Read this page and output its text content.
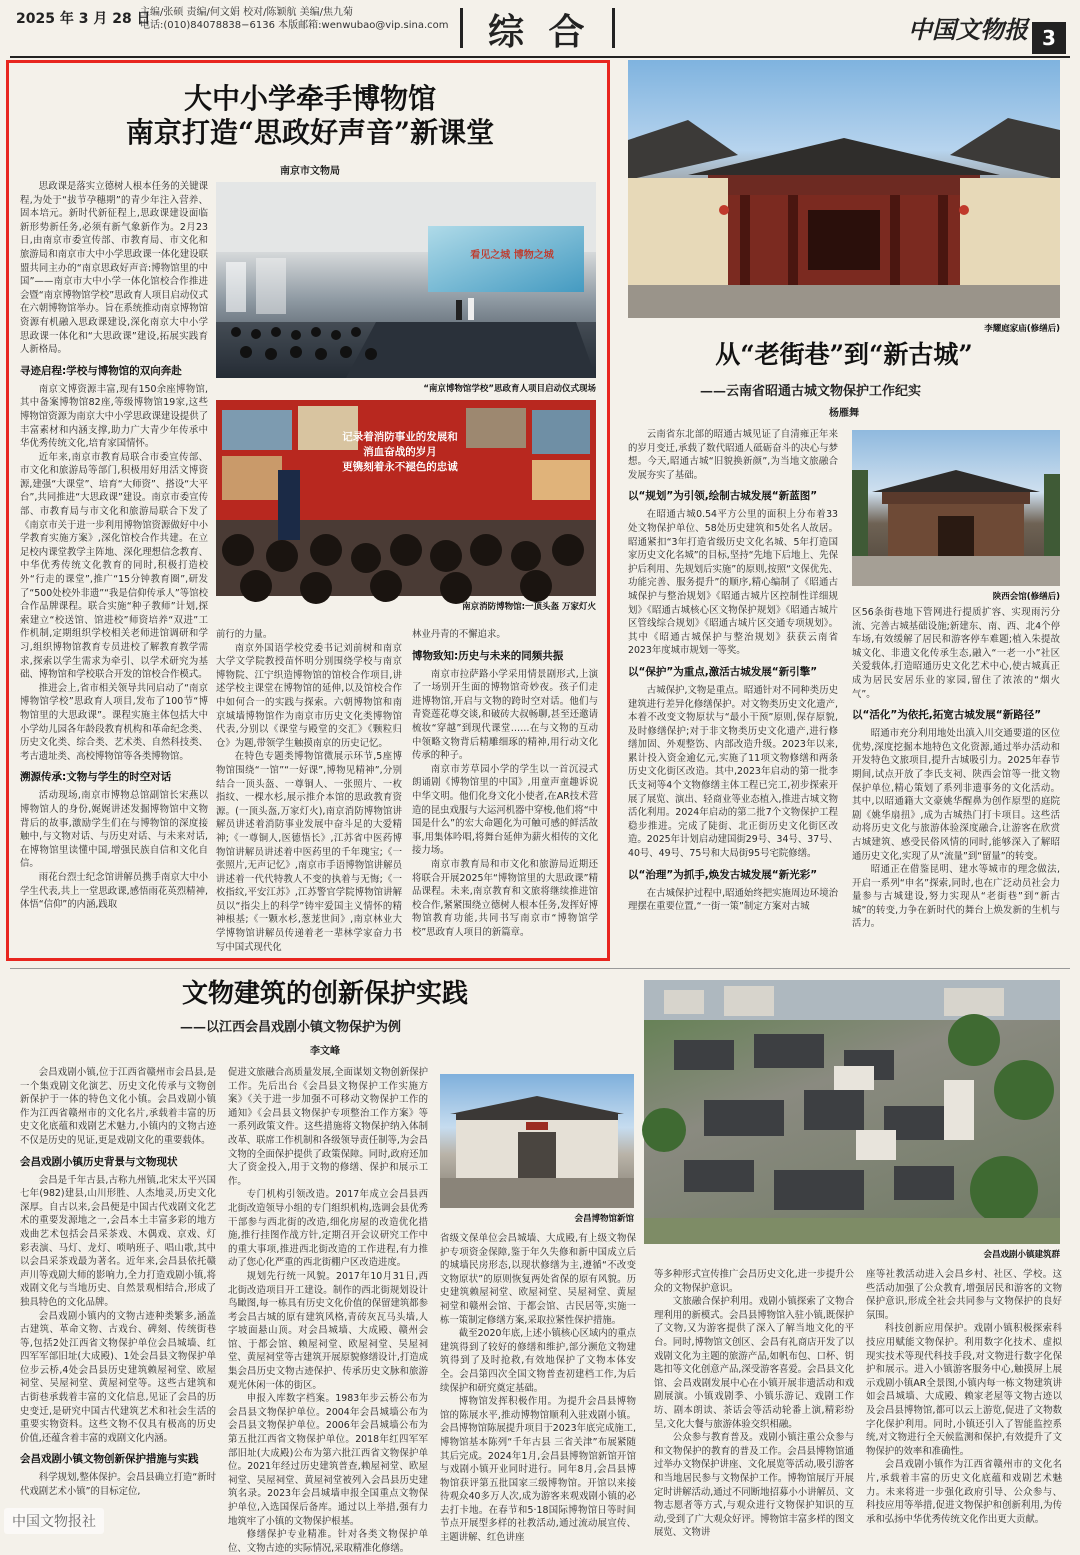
2025 年 3 月 28 日
主编/张硕 责编/何文娟 校对/陈颖航 美编/焦九菊
电话:(010)84078838−6136 本版邮箱:wenwubao@vip.sina.com 综 合	中国文物报 3
大中小学牵手博物馆
南京打造“思政好声音”新课堂
南京市文物局

思政课是落实立德树人根本任务的关键课程,为处于“拔节孕穗期”的青少年注入营养、固本培元。新时代新征程上,思政课建设面临新形势新任务,必须有新气象新作为。2月23日,由南京市委宣传部、市教育局、市文化和旅游局和南京市大中小学思政课一体化建设联盟共同主办的“南京思政好声音:博物馆里的中国”——南京市大中小学一体化馆校合作推进会暨“南京博物馆学校”思政育人项目启动仪式在六朝博物馆举办。旨在系统推动南京博物馆资源有机融入思政课建设,深化南京大中小学思政课一体化和“大思政课”建设,拓展实践育人新格局。

寻迹启程:学校与博物馆的双向奔赴

南京文博资源丰富,现有150余座博物馆,其中备案博物馆82座,等级博物馆19家,这些博物馆资源为南京大中小学思政课建设提供了丰富素材和内涵支撑,助力广大青少年传承中华优秀传统文化,培育家国情怀。

近年来,南京市教育局联合市委宣传部、市文化和旅游局等部门,积极用好用活文博资源,建强“大课堂”、培育“大师资”、搭设“大平台”,共同推进“大思政课”建设。南京市委宣传部、市教育局与市文化和旅游局联合下发了《南京市关于进一步利用博物馆资源做好中小学教育实施方案》,深化馆校合作共建。在立足校内课堂教学主阵地、深化理想信念教育、中华优秀传统文化教育的同时,积极打造校外“行走的课堂”,推广“15分钟教育圈”,研发了“500处校外非遗”“我是信仰传承人”等馆校合作品牌课程。联合实施“种子教师”计划,探索建立“校送馆、馆进校”师资培养“双进”工作机制,定期组织学校相关老师进馆调研和学习,组织博物馆教育专员进校了解教育教学需求,探索以学生需求为牵引、以学术研究为基础、博物馆和学校联合开发的馆校合作模式。

推进会上,省市相关领导共同启动了“南京博物馆学校”思政育人项目,发布了100节“博物馆里的大思政课”。课程实施主体包括大中小学幼儿园各年龄段教育机构和革命纪念类、历史文化类、综合类、艺术类、自然科技类、考古遗址类、高校博物馆等各类博物馆。

溯源传承:文物与学生的时空对话

活动现场,南京市博物总馆副馆长宋燕以博物馆人的身份,娓娓讲述发掘博物馆中文物背后的故事,激励学生们在与博物馆的深度接触中,与文物对话、与历史对话、与未来对话,在博物馆里读懂中国,增强民族自信和文化自信。

雨花台烈士纪念馆讲解员携手南京大中小学生代表,共上一堂思政课,感悟雨花英烈精神,体悟“信仰”的内涵,践取

看见之城 博物之城
“南京博物馆学校”思政育人项目启动仪式现场
记录着消防事业的发展和
消血奋战的岁月
更镌刻着永不褪色的忠诚
南京消防博物馆:一顶头盔 万家灯火

前行的力量。

南京外国语学校党委书记刘前树和南京大学文学院教授苗怀明分别围绕学校与南京博物院、江宁织造博物馆的馆校合作项目,讲述学校主课堂在博物馆的延伸,以及馆校合作中如何合一的实践与探索。六朝博物馆和南京城墙博物馆作为南京市历史文化类博物馆代表,分别以《课堂与殿堂的交汇》《颗粒归仓》为题,带领学生触摸南京的历史记忆。

在特色专题类博物馆微展示环节,5座博物馆围绕“一馆”“一好课”,博物见精神”,分别结合一顶头盔、一尊铜人、一张照片、一枚指纹、一棵水杉,展示推介本馆的思政教育资源。(一顶头盔,万家灯火),南京消防博物馆讲解员讲述着消防事业发展中奋斗足的大爱精神;《一尊铜人,医德悟长》,江苏省中医药博物馆讲解员讲述着中医药里的千年瑰宝;《一张照片,无声记忆》,南京市手语博物馆讲解员讲述着一代代特教人不变的执着与无悔;《一枚指纹,平安江苏》,江苏警官学院博物馆讲解员以“指尖上的科学”铸牢爱国主义情怀的精神根基;《一颗水杉,葱茏世间》,南京林业大学博物馆讲解员传递着老一辈林学家奋力书写中国式现代化

林业丹青的不懈追求。

博物致知:历史与未来的同频共振

南京市拉萨路小学采用情景剧形式,上演了一场别开生面的博物馆奇妙夜。孩子们走进博物馆,开启与文物的跨时空对话。他们与青瓷莲花尊交谈,和破砖大叔畅聊,甚至还邀请梳妆“穿越”到现代课堂……在与文物的互动中领略文物背后精雕细琢的精神,用行动文化传承的种子。

南京市芳草园小学的学生以一首沉浸式朗诵剧《博物馆里的中国》,用童声童趣诉说中华文明。他们化身文化小使者,在AR技术营造的昆虫戏服与大运河机器中穿梭,他们将“中国是什么”的宏大命题化为可触可感的鲜活故事,用集体吟唱,将舞台延伸为薪火相传的文化接力场。

南京市教育局和市文化和旅游局近期还将联合开展2025年“博物馆里的大思政课”精品课程。未来,南京教育和文旅将继续推进馆校合作,紧紧围绕立德树人根本任务,发挥好博物馆教育功能,共同书写南京市“博物馆学校”思政育人项目的新篇章。

李耀庭家庙(修缮后)
从“老街巷”到“新古城”
——云南省昭通古城文物保护工作纪实
杨雁舞

云南省东北部的昭通古城见证了自清雍正年来的岁月变迁,承载了数代昭通人砥砺奋斗的决心与梦想。今天,昭通古城“旧貌换新颜”,为当地文旅融合发展夯实了基础。

以“规划”为引领,绘制古城发展“新蓝图”

在昭通古城0.54平方公里的面积上分布着33处文物保护单位、58处历史建筑和5处名人故居。昭通紧扣“3年打造省级历史文化名城、5年打造国家历史文化名城”的目标,坚持“先地下后地上、先保护后利用、先规划后实施”的原则,按照“文保优先、功能完善、服务提升”的顺序,精心编制了《昭通古城保护与整治规划》《昭通古城片区控制性详细规划》《昭通古城核心区文物保护规划》《昭通古城片区管线综合规划》《昭通古城片区交通专项规划》。其中《昭通古城保护与整治规划》获获云南省2023年度城市规划一等奖。

以“保护”为重点,激活古城发展“新引擎”

古城保护,文物是重点。昭通针对不同种类历史建筑进行差异化修缮保护。对文物类历史文化遗产,本着不改变文物原状与“最小干预”原则,保存原貌,及时修缮保护;对于非文物类历史文化遗产,进行修缮加固、外观整饬、内部改造升级。2023年以来,累计投入资金逾亿元,实施了11项文物修缮和两条历史文化街区改造。其中,2023年启动的第一批李氏支祠等4个文物修缮主体工程已完工,初步探索开展了展览、演出、轻商业等业态植入,推进古城文物活化利用。2024年启动的第二批7个文物保护工程稳步推进。完成了陡街、北正街历史文化街区改造。2025年计划启动建国街29号、34号、37号、40号、49号、75号和大局街95号宅院修缮。

以“治理”为抓手,焕发古城发展“新光彩”

在古城保护过程中,昭通始终把实施周边环境治理摆在重要位置,“一街一策”制定方案对古城

陕西会馆(修缮后)

区56条街巷地下管网进行提质扩容、实现雨污分流、完善古城基础设施;新建东、南、西、北4个停车场,有效缓解了居民和游客停车难题;植入朱提故城文化、非遗文化传承生态,融入“一老一小”社区关爱载体,打造昭通历史文化艺术中心,使古城真正成为居民安居乐业的家园,留住了浓浓的“烟火气”。

以“活化”为依托,拓宽古城发展“新路径”

昭通市充分利用地处出滇入川交通要道的区位优势,深度挖掘本地特色文化资源,通过举办活动和开发特色文旅项目,提升古城吸引力。2025年春节期间,试点开放了李氏支祠、陕西会馆等一批文物保护单位,精心策划了系列非遗事务的文化活动。其中,以昭通籍大文豪姚华醒鼻为创作原型的庭院剧《姚华扇扭》,成为古城热门打卡项目。这些活动将历史文化与旅游体验深度融合,让游客在欣赏古城建筑、感受民俗风情的同时,能够深入了解昭通历史文化,实现了从“流量”到“留量”的转变。

昭通正在借鉴昆明、建水等城市的理念做法,开启一系列“申名”探索,同时,也在广泛动员社会力量参与古城建设,努力实现从“老街巷”到“新古城”的转变,力争在新时代的舞台上焕发新的生机与活力。

文物建筑的创新保护实践
——以江西会昌戏剧小镇文物保护为例
李文峰
会昌戏剧小镇建筑群
会昌博物馆新馆

会昌戏剧小镇,位于江西省赣州市会昌县,是一个集戏剧文化演艺、历史文化传承与文物创新保护于一体的特色文化小镇。会昌戏剧小镇作为江西省赣州市的文化名片,承载着丰富的历史文化底蕴和戏剧艺术魅力,小镇内的文物古迹不仅是历史的见证,更是戏剧文化的重要载体。

会昌戏剧小镇历史背景与文物现状

会昌是千年古县,古称九州镇,北宋太平兴国七年(982)建县,山川形胜、人杰地灵,历史文化深厚。自古以来,会昌便是中国古代戏剧文化艺术的重要发源地之一,会昌本土丰富多彩的地方戏曲艺术包括会昌采茶戏、木偶戏、京戏、灯彩表演、马灯、龙灯、唢呐班子、唱山歌,其中以会昌采茶戏最为著名。近年来,会昌县依托赣声川等戏剧大师的影响力,全力打造戏剧小镇,将戏剧文化与当地历史、自然景观相结合,形成了独具特色的文化品牌。

会昌戏剧小镇内的文物古迹种类繁多,涵盖古建筑、革命文物、古戏台、碑刻、传统街巷等,包括2处江西省文物保护单位会昌城墙、红四军军部旧址(大成殿)、1处会昌县文物保护单位步云桥,4处会昌县历史建筑赖屋祠堂、欧屋祠堂、吴屋祠堂、黄屋祠堂等。这些古建筑和古街巷承载着丰富的文化信息,见证了会昌的历史变迁,是研究中国古代建筑艺术和社会生活的重要实物资料。这些文物不仅具有极高的历史价值,还蕴含着丰富的戏剧文化内涵。

会昌戏剧小镇文物创新保护措施与实践

科学规划,整体保护。会昌县确立打造“新时代戏剧艺术小镇”的目标定位,

促进文旅融合高质量发展,全面谋划文物创新保护工作。先后出台《会昌县文物保护工作实施方案》《关于进一步加强不可移动文物保护工作的通知》《会昌县文物保护专项整治工作方案》等一系列政策文件。这些措施将文物保护纳入体制改革、联席工作机制和各级领导责任制等,为会昌文物的全面保护提供了政策保障。同时,政府还加大了资金投入,用于文物的修缮、保护和展示工作。

专门机构引领改造。2017年成立会昌县西北街改造领导小组的专门组织机构,选调会县优秀干部参与西北街的改造,细化房屋的改造优化措施,推行挂图作战方针,定期召开会议研究工作中的重大事项,推进西北街改造的工作进程,有力推动了您心化严重的西北街棚户区改造进度。

规划先行统一风貌。2017年10月31日,西北街改造项目开工建设。制作的西北街规划设计鸟瞰图,每一栋具有历史文化价值的保留建筑都参考会昌古城的原有建筑风格,青砖灰瓦马头墙,人字坡面悬山顶。对会昌城墙、大成殿、赣州会馆、于都会馆、赖屋祠堂、欧屋祠堂、吴屋祠堂、黄屋祠堂等古建筑开展原貌修缮设计,打造成集会昌历史文物古迹保护、传承历史文脉和旅游观光休闲一体的街区。

申报入库数字档案。1983年步云桥公布为会昌县文物保护单位。2004年会昌城墙公布为会昌县文物保护单位。2006年会昌城墙公布为第五批江西省文物保护单位。2018年红四军军部旧址(大成殿)公布为第六批江西省文物保护单位。2021年经过历史建筑普查,赖屋祠堂、欧屋祠堂、吴屋祠堂、黄屋祠堂被列入会昌县历史建筑名录。2023年会昌城墙申报全国重点文物保护单位,入选国保后备库。通过以上举措,强有力地筑牢了小镇的文物保护根基。

修缮保护专业精准。针对各类文物保护单位、文物古迹的实际情况,采取精准化修缮。

省级文保单位会昌城墙、大成殿,有上级文物保护专项资金保障,鉴于年久失修和新中国成立后的城墙民房形态,以现状修缮为主,遵循“不改变文物原状”的原则恢复两处省保的原有风貌。历史建筑赖屋祠堂、欧屋祠堂、吴屋祠堂、黄屋祠堂和赣州会馆、于都会馆、古民居等,实施一栋一策制定修缮方案,采取拉紧性保护措施。

截至2020年底,上述小镇核心区域内的重点建筑得到了较好的修缮和维护,部分濒危文物建筑得到了及时抢救,有效地保护了文物本体安全。会昌第四次全国文物普查初建档工作,为后续保护和研究奠定基础。

博物馆发挥积极作用。为提升会昌县博物馆的陈展水平,推动博物馆顺利入驻戏剧小镇。会昌博物馆陈展提升项目于2023年底完成施工,博物馆基本陈列“千年古县 三省关津”布展紧随其后完成。2024年1月,会昌县博物馆新馆开馆与戏剧小镇开业同时进行。同年8月,会昌县博物馆获评第五批国家三级博物馆。开馆以来接待观众40多万人次,成为游客来观戏剧小镇的必去打卡地。在春节和5·18国际博物馆日等时间节点开展型多样的社教活动,通过流动展宣传、主题讲解、红色讲座

等多种形式宣传推广会昌历史文化,进一步提升公众的文物保护意识。

文旅融合保护利用。戏剧小镇探索了文物合理利用的新模式。会昌县博物馆入驻小镇,既保护了文物,又为游客提供了深入了解当地文化的平台。同时,博物馆文创区、会昌有礼商店开发了以戏剧文化为主题的旅游产品,如帆布包、口杯、钥匙扣等文化创意产品,深受游客喜爱。会昌县文化馆、会昌戏剧发展中心在小镇开展非遗活动和戏剧展演。小镇戏剧季、小镇乐游记、戏剧工作坊、剧本朗读、茶话会等活动轮番上演,精彩纷呈,文化大餐与旅游体验交织相融。

公众参与教育普及。戏剧小镇注重公众参与和文物保护的教育的普及工作。会昌县博物馆通过举办文物保护讲座、文化展览等活动,吸引游客和当地居民参与文物保护工作。博物馆展厅开展定时讲解活动,通过不同断地招募小小讲解员、文物志愿者等方式,与观众进行文物保护知识的互动,受到了广大观众好评。博物馆丰富多样的图文展览、文物讲

座等社教活动进入会昌乡村、社区、学校。这些活动加强了公众教育,增强居民和游客的文物保护意识,形成全社会共同参与文物保护的良好氛围。

科技创新应用保护。戏剧小镇积极探索科技应用赋能文物保护。利用数字化技术、虚拟现实技术等现代科技手段,对文物进行数字化保护和展示。进入小镇游客服务中心,触摸屏上展示戏剧小镇AR全景图,小镇内每一栋文物建筑讲如会昌城墙、大成殿、赖家老屋等文物古迹以及会昌县博物馆,都可以云上游览,促进了文物数字化保护利用。同时,小镇还引入了智能监控系统,对文物进行全天候监测和保护,有效提升了文物保护的效率和准确性。

会昌戏剧小镇作为江西省赣州市的文化名片,承载着丰富的历史文化底蕴和戏剧艺术魅力。未来将进一步强化政府引导、公众参与、科技应用等举措,促进文物保护和创新利用,为传承和弘扬中华优秀传统文化作出更大贡献。

中国文物报社
